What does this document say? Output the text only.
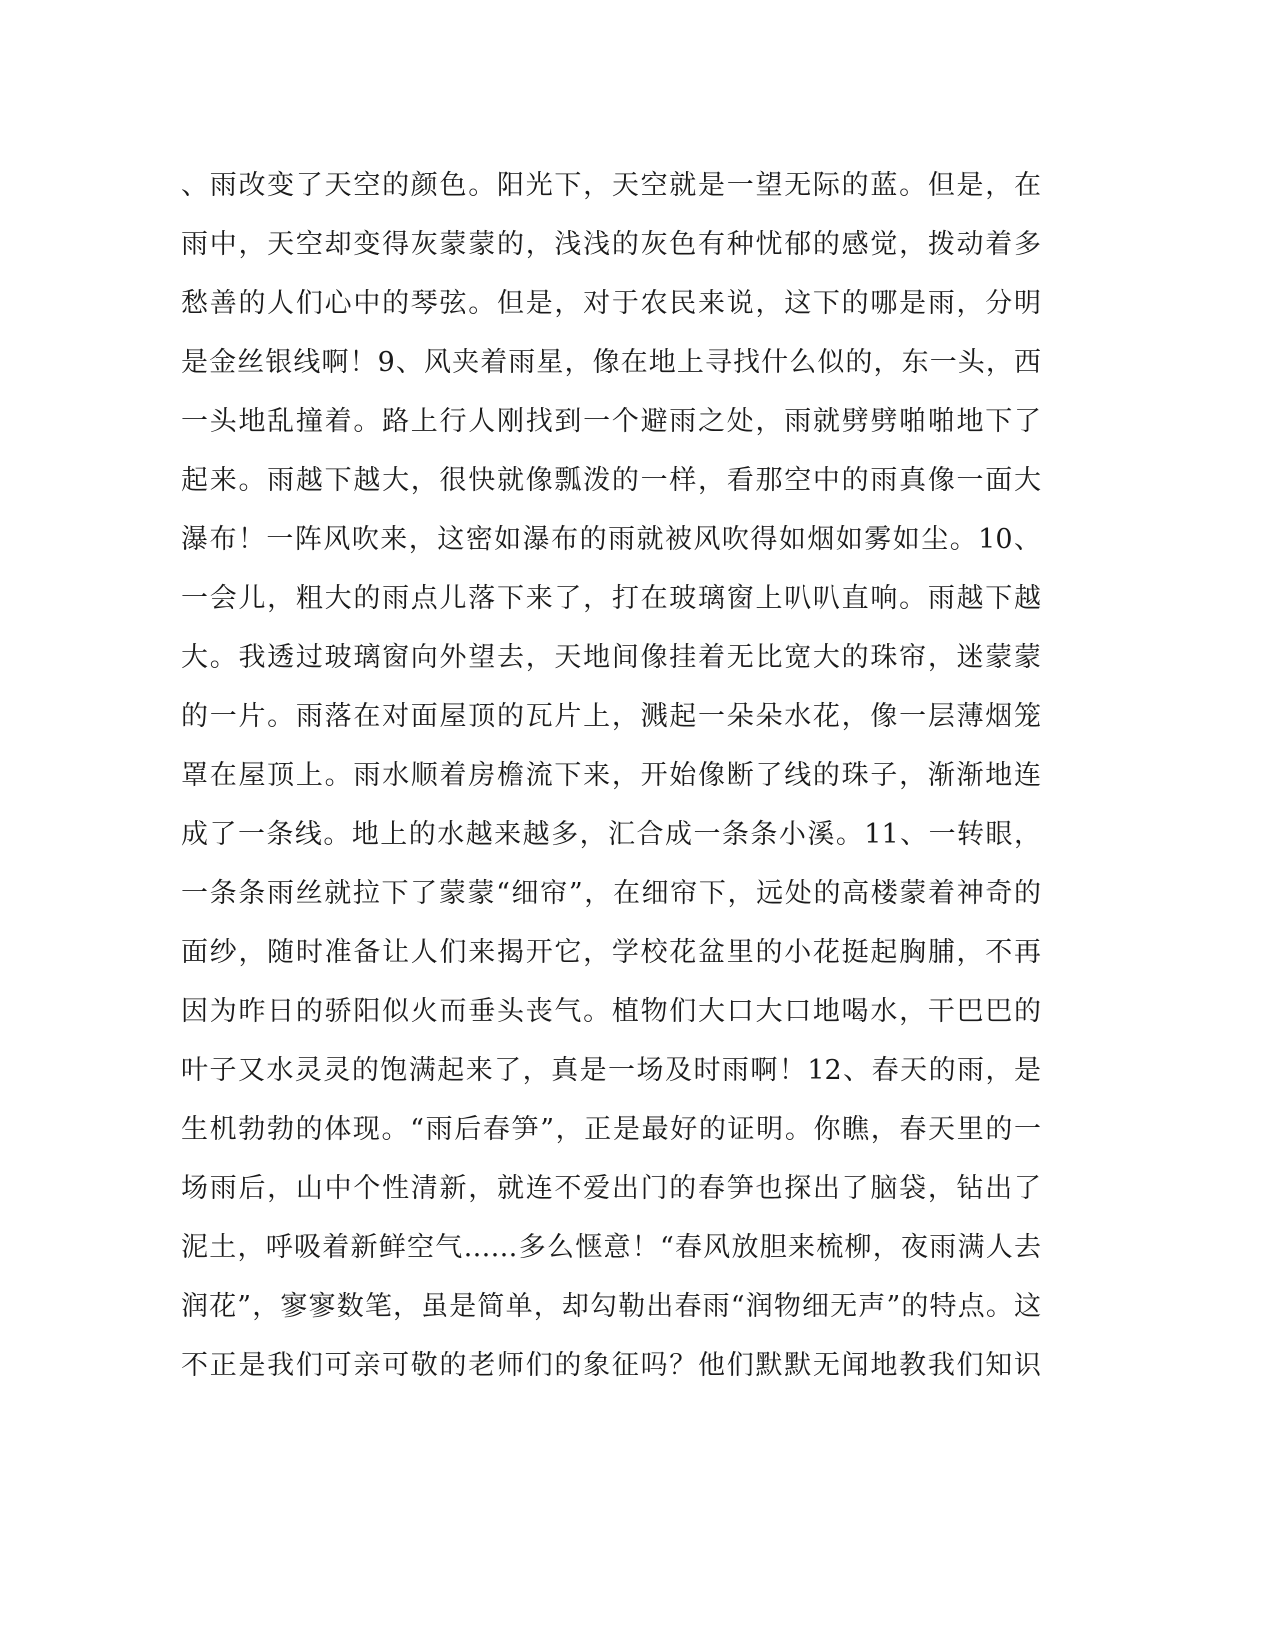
、雨改变了天空的颜色。阳光下，天空就是一望无际的蓝。但是，在
雨中，天空却变得灰蒙蒙的，浅浅的灰色有种忧郁的感觉，拨动着多
愁善的人们心中的琴弦。但是，对于农民来说，这下的哪是雨，分明
是金丝银线啊！9、风夹着雨星，像在地上寻找什么似的，东一头，西
一头地乱撞着。路上行人刚找到一个避雨之处，雨就劈劈啪啪地下了
起来。雨越下越大，很快就像瓢泼的一样，看那空中的雨真像一面大
瀑布！一阵风吹来，这密如瀑布的雨就被风吹得如烟如雾如尘。10、
一会儿，粗大的雨点儿落下来了，打在玻璃窗上叭叭直响。雨越下越
大。我透过玻璃窗向外望去，天地间像挂着无比宽大的珠帘，迷蒙蒙
的一片。雨落在对面屋顶的瓦片上，溅起一朵朵水花，像一层薄烟笼
罩在屋顶上。雨水顺着房檐流下来，开始像断了线的珠子，渐渐地连
成了一条线。地上的水越来越多，汇合成一条条小溪。11、一转眼，
一条条雨丝就拉下了蒙蒙“细帘”，在细帘下，远处的高楼蒙着神奇的
面纱，随时准备让人们来揭开它，学校花盆里的小花挺起胸脯，不再
因为昨日的骄阳似火而垂头丧气。植物们大口大口地喝水，干巴巴的
叶子又水灵灵的饱满起来了，真是一场及时雨啊！12、春天的雨，是
生机勃勃的体现。“雨后春笋”，正是最好的证明。你瞧，春天里的一
场雨后，山中个性清新，就连不爱出门的春笋也探出了脑袋，钻出了
泥土，呼吸着新鲜空气……多么惬意！“春风放胆来梳柳，夜雨满人去
润花”，寥寥数笔，虽是简单，却勾勒出春雨“润物细无声”的特点。这
不正是我们可亲可敬的老师们的象征吗？他们默默无闻地教我们知识
